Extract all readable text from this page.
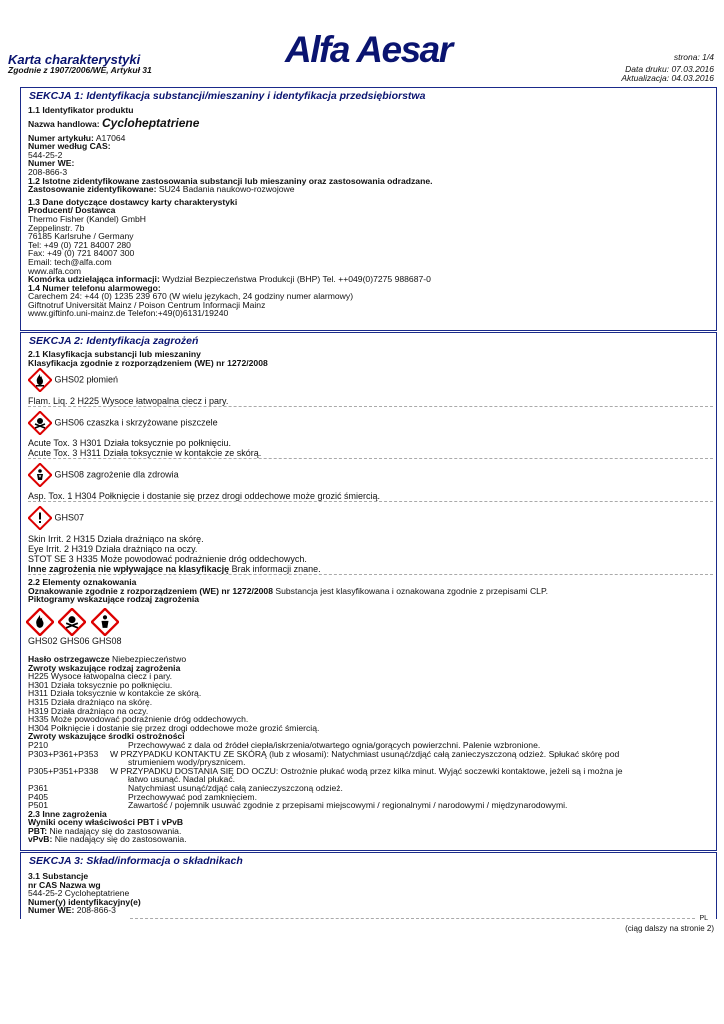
Karta charakterystyki
Zgodnie z 1907/2006/WE, Artykuł 31	Alfa Aesar	strona: 1/4
Data druku: 07.03.2016
Aktualizacja: 04.03.2016
SEKCJA 1: Identyfikacja substancji/mieszaniny i identyfikacja przedsiębiorstwa
1.1 Identyfikator produktu
Nazwa handlowa: Cycloheptatriene
Numer artykułu: A17064
Numer według CAS:
544-25-2
Numer WE:
208-866-3
1.2 Istotne zidentyfikowane zastosowania substancji lub mieszaniny oraz zastosowania odradzane.
Zastosowanie zidentyfikowane: SU24 Badania naukowo-rozwojowe
1.3 Dane dotyczące dostawcy karty charakterystyki
Producent/ Dostawca
Thermo Fisher (Kandel) GmbH
Zeppelinstr. 7b
76185 Karlsruhe / Germany
Tel: +49 (0) 721 84007 280
Fax: +49 (0) 721 84007 300
Email: tech@alfa.com
www.alfa.com
Komórka udzielająca informacji: Wydział Bezpieczeństwa Produkcji (BHP) Tel. ++049(0)7275 988687-0
1.4 Numer telefonu alarmowego:
Carechem 24: +44 (0) 1235 239 670 (W wielu językach, 24 godziny numer alarmowy)
Giftnotruf Universität Mainz / Poison Centrum Informacji Mainz
www.giftinfo.uni-mainz.de Telefon:+49(0)6131/19240
SEKCJA 2: Identyfikacja zagrożeń
2.1 Klasyfikacja substancji lub mieszaniny
Klasyfikacja zgodnie z rozporządzeniem (WE) nr 1272/2008
GHS02 płomień
Flam. Liq. 2 H225 Wysoce łatwopalna ciecz i pary.
GHS06 czaszka i skrzyżowane piszczele
Acute Tox. 3 H301 Działa toksycznie po połknięciu.
Acute Tox. 3 H311 Działa toksycznie w kontakcie ze skórą.
GHS08 zagrożenie dla zdrowia
Asp. Tox. 1 H304 Połknięcie i dostanie się przez drogi oddechowe może grozić śmiercią.
GHS07
Skin Irrit. 2 H315 Działa drażniąco na skórę.
Eye Irrit. 2 H319 Działa drażniąco na oczy.
STOT SE 3 H335 Może powodować podrażnienie dróg oddechowych.
Inne zagrożenia nie wpływające na klasyfikację Brak informacji znane.
2.2 Elementy oznakowania
Oznakowanie zgodnie z rozporządzeniem (WE) nr 1272/2008 Substancja jest klasyfikowana i oznakowana zgodnie z przepisami CLP.
Piktogramy wskazujące rodzaj zagrożenia

GHS02 GHS06 GHS08
Hasło ostrzegawcze Niebezpieczeństwo
Zwroty wskazujące rodzaj zagrożenia
H225 Wysoce łatwopalna ciecz i pary.
H301 Działa toksycznie po połknięciu.
H311 Działa toksycznie w kontakcie ze skórą.
H315 Działa drażniąco na skórę.
H319 Działa drażniąco na oczy.
H335 Może powodować podrażnienie dróg oddechowych.
H304 Połknięcie i dostanie się przez drogi oddechowe może grozić śmiercią.
Zwroty wskazujące środki ostrożności
P210	Przechowywać z dala od źródeł ciepła/iskrzenia/otwartego ognia/gorących powierzchni. Palenie wzbronione.
P303+P361+P353 W PRZYPADKU KONTAKTU ZE SKÓRĄ (lub z włosami): Natychmiast usunąć/zdjąć całą zanieczyszczoną odzież. Spłukać skórę pod
strumieniem wody/prysznicem.
P305+P351+P338 W PRZYPADKU DOSTANIA SIĘ DO OCZU: Ostrożnie płukać wodą przez kilka minut. Wyjąć soczewki kontaktowe, jeżeli są i można je
łatwo usunąć. Nadal płukać.
P361	Natychmiast usunąć/zdjąć całą zanieczyszczoną odzież.
P405	Przechowywać pod zamknięciem.
P501	Zawartość / pojemnik usuwać zgodnie z przepisami miejscowymi / regionalnymi / narodowymi / międzynarodowymi.
2.3 Inne zagrożenia
Wyniki oceny właściwości PBT i vPvB
PBT: Nie nadający się do zastosowania.
vPvB: Nie nadający się do zastosowania.
SEKCJA 3: Skład/informacja o składnikach
3.1 Substancje
nr CAS Nazwa wg
544-25-2 Cycloheptatriene
Numer(y) identyfikacyjny(e)
Numer WE: 208-866-3
PL
(ciąg dalszy na stronie 2)
